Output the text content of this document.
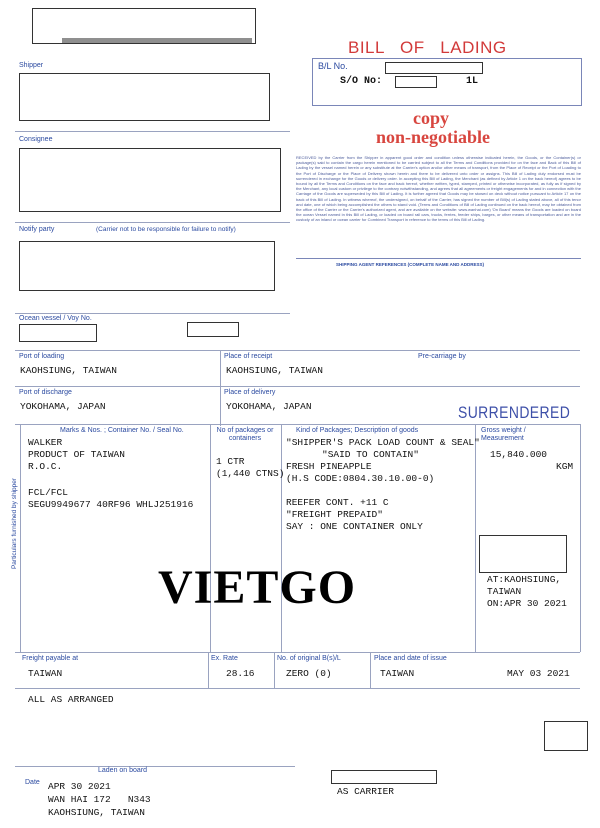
BILL   OF   LADING
B/L No.
S/O No:	1L
Shipper
Consignee
Notify party	(Carrier not to be responsible for failure to notify)
copy
non-negotiable
RECEIVED by the Carrier from the Shipper in apparent good order and condition unless otherwise indicated herein, the Goods, or the Container(s) or package(s) said to contain the cargo herein mentioned to be carried subject to all the Terms and Conditions provided for on the face and Back of this Bill of Lading by the vessel named herein or any substitute at the Carrier's option and/or other means of transport, from the Place of Receipt or the Port of Loading to the Port of Discharge or the Place of Delivery shown herein and there to be delivered unto order or assigns. This Bill of Lading duly endorsed must be surrendered in exchange for the Goods or delivery order. In accepting this Bill of Lading, the Merchant (as defined by Article 1 on the back hereof) agrees to be bound by all the Terms and Conditions on the face and back hereof, whether written, typed, stamped, printed or otherwise incorporated, as fully as if signed by the Merchant, any local custom or privilege to the contrary notwithstanding, and agrees that all agreements or freight engagements for and in connection with the Carriage of the Goods are superseded by this Bill of Lading. It is further agreed that Goods may be stowed on deck without notice pursuant to Article 17 on the back of this Bill of Lading. In witness whereof, the undersigned, on behalf of the Carrier, has signed the number of Bill(s) of Lading stated above, all of this tenor and date, one of which being accomplished the others to stand void. (Terms and Conditions of Bill of Lading continued on the back hereof, may be obtained from the office of the Carrier or the Carrier's authorized agent, and are available on the website: www.wanhai.com) 'On Board' means the Goods are loaded on board the ocean Vessel named in this Bill of Lading, or loaded on board rail cars, trucks, ferries, feeder ships, barges, or other means of transportation and are in the custody of an inland or ocean carrier for Combined Transport in reference to the terms of this Bill of Lading.
SHIPPING AGENT REFERENCES (COMPLETE NAME AND ADDRESS)
Ocean vessel / Voy No.
Port of loading
KAOHSIUNG, TAIWAN
Place of receipt
KAOHSIUNG, TAIWAN
Pre-carriage by
Port of discharge
YOKOHAMA, JAPAN
Place of delivery
YOKOHAMA, JAPAN	SURRENDERED
Marks & Nos. ; Container No. / Seal No.	No of packages or containers
Kind of Packages; Description of goods	Gross weight / Measurement
Particulars furnished by shipper
WALKER
PRODUCT OF TAIWAN
R.O.C.
FCL/FCL
SEGU9949677 40RF96 WHLJ251916
1 CTR
(1,440 CTNS)
"SHIPPER'S PACK LOAD COUNT & SEAL"
"SAID TO CONTAIN"
FRESH PINEAPPLE
(H.S CODE:0804.30.10.00-0)
REEFER CONT. +11 C
"FREIGHT PREPAID"
SAY : ONE CONTAINER ONLY
15,840.000
KGM
VIETGO	AT:KAOHSIUNG,
TAIWAN
ON:APR 30 2021
Freight payable at
TAIWAN
Ex. Rate
28.16
No. of original B(s)/L
ZERO (0)
Place and date of issue
TAIWAN	MAY 03 2021
ALL AS ARRANGED
Laden on board
Date APR 30 2021
WAN HAI 172   N343
KAOHSIUNG, TAIWAN
AS CARRIER
